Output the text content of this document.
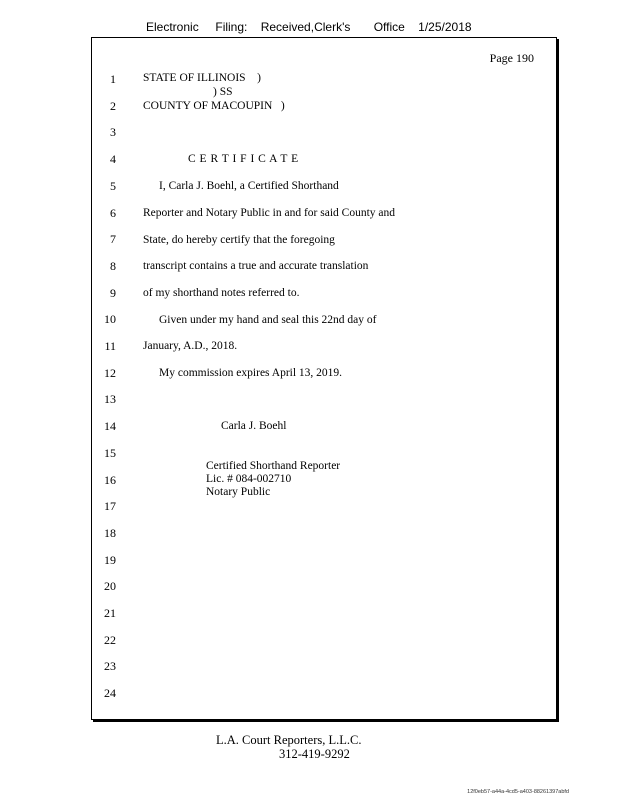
Electronic     Filing:    Received,Clerk's       Office    1/25/2018
Page 190
1
2
3
4
5
6
7
8
9
10
11
12
13
14
15
16
17
18
19
20
21
22
23
24
STATE OF ILLINOIS    )
) SS
COUNTY OF MACOUPIN   )
C E R T I F I C A T E
I, Carla J. Boehl, a Certified Shorthand
Reporter and Notary Public in and for said County and
State, do hereby certify that the foregoing
transcript contains a true and accurate translation
of my shorthand notes referred to.
Given under my hand and seal this 22nd day of
January, A.D., 2018.
My commission expires April 13, 2019.
Carla J. Boehl
Certified Shorthand Reporter
Lic. # 084-002710
Notary Public
L.A. Court Reporters, L.L.C.
312-419-9292
12f0eb57-a44a-4cd5-a403-88261397abfd
